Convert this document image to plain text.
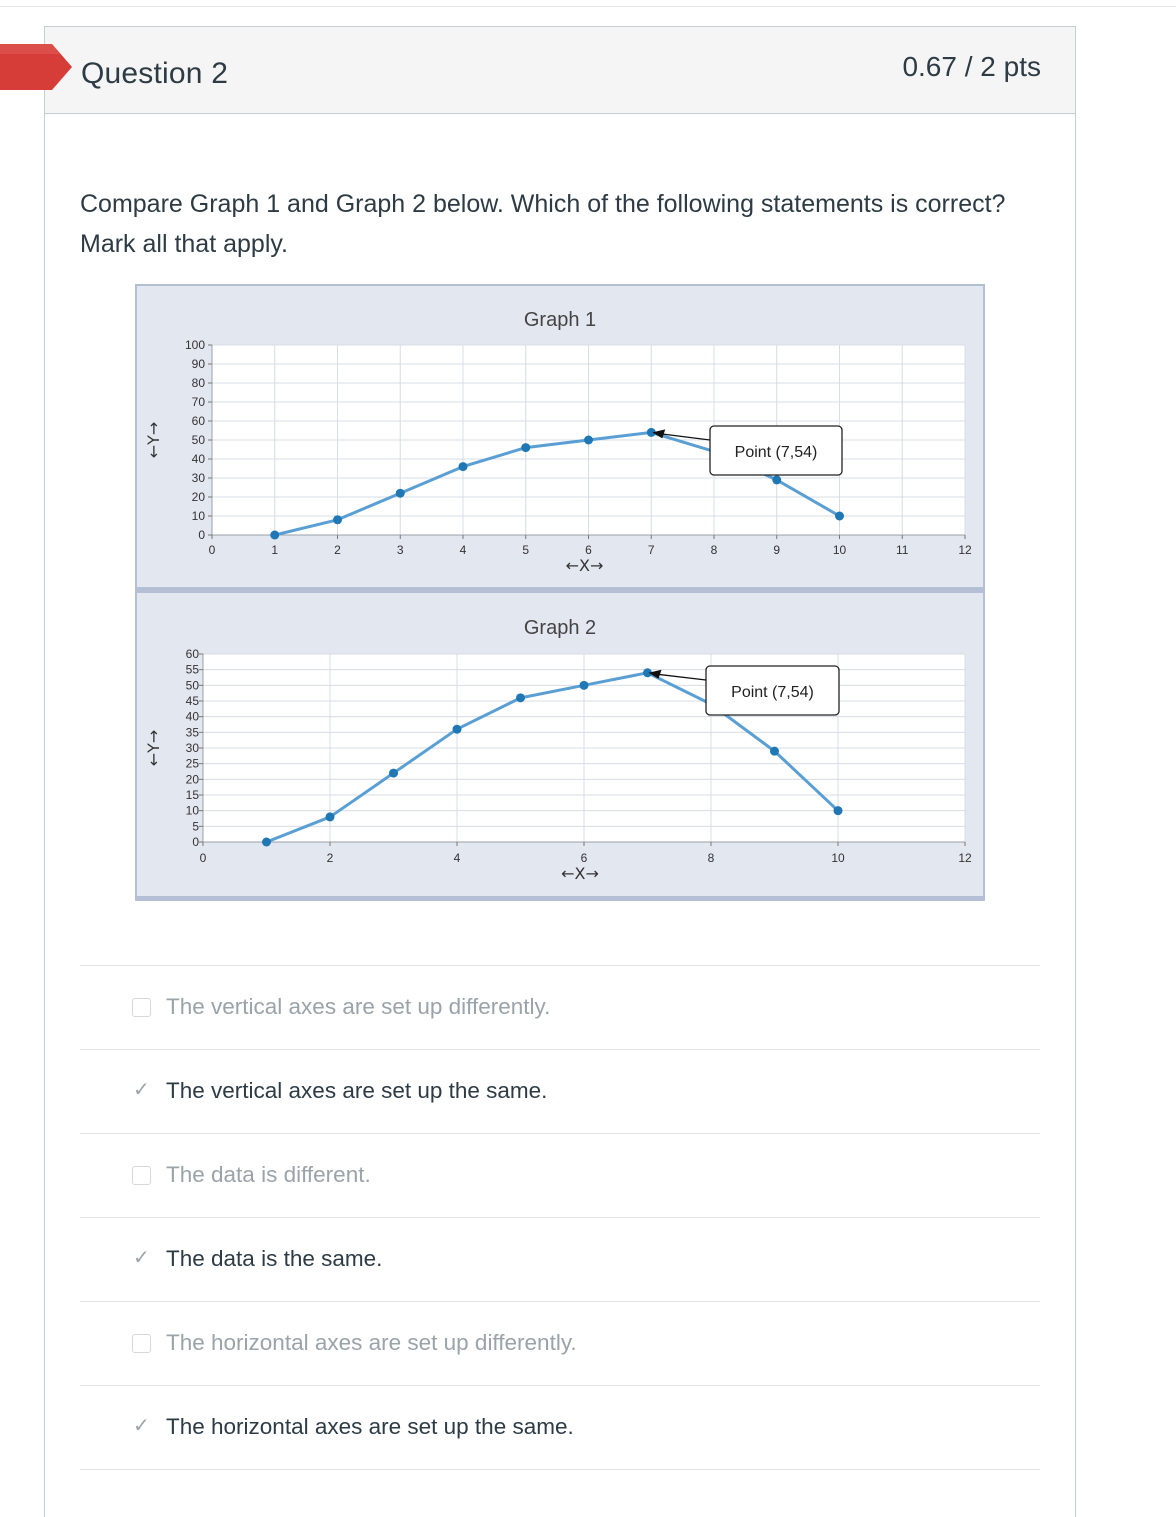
Question 2	0.67 / 2 pts
Compare Graph 1 and Graph 2 below. Which of the following statements is correct? Mark all that apply.
0
10
20
30
40
50
60
70
80
90
100
0	1	2	3	4	5	6	7	8	9	10	11	12
Graph 1
←X→
←Y→	Point (7,54)
0
5
10
15
20
25
30
35
40
45
50
55
60
0	2	4	6	8	10	12
Graph 2
←X→
←Y→
Point (7,54)
The vertical axes are set up differently.
✓ The vertical axes are set up the same.
The data is different.
✓ The data is the same.
The horizontal axes are set up differently.
✓ The horizontal axes are set up the same.
